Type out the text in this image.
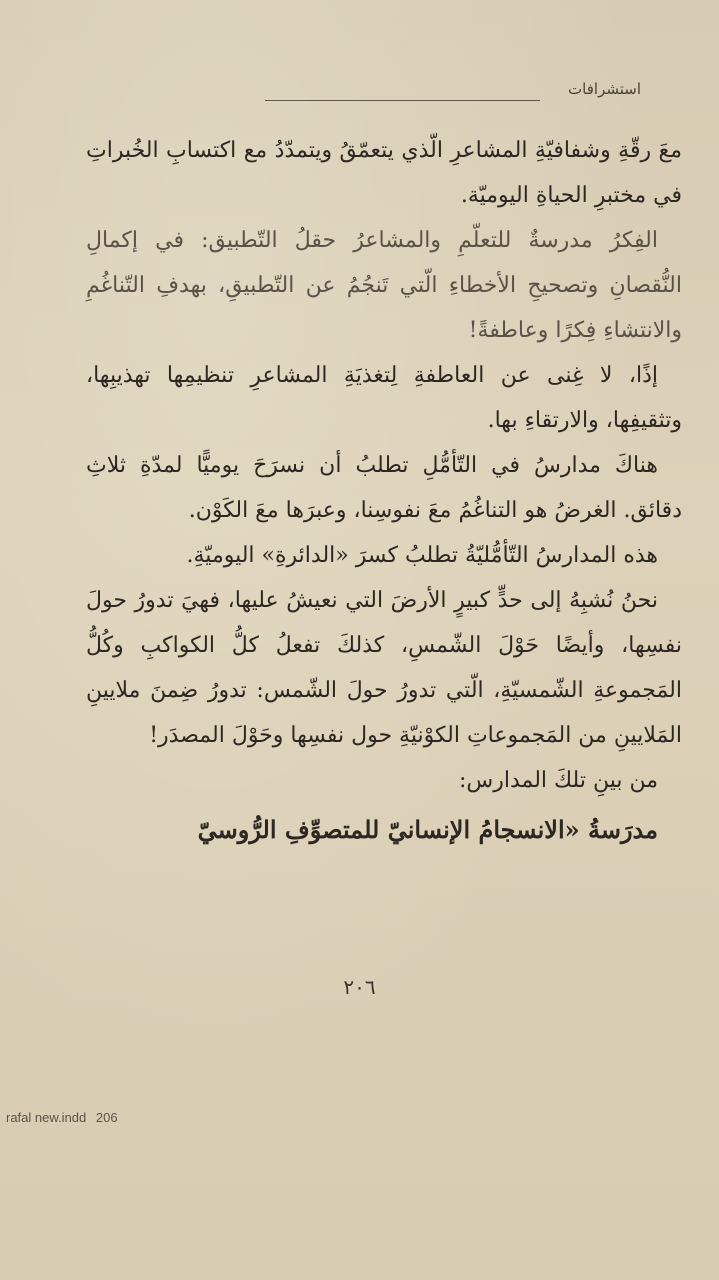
استشرافات

معَ رقّةِ وشفافيّةِ المشاعرِ الّذي يتعمّقُ ويتمدّدُ مع اكتسابِ الخُبراتِ في مختبرِ الحياةِ اليوميّة.

الفِكرُ مدرسةٌ للتعلّمِ والمشاعرُ حقلُ التّطبيق: في إكمالِ النُّقصانِ وتصحيحِ الأخطاءِ الّتي تَنجُمُ عن التّطبيقِ، بهدفِ التّناغُمِ والانتشاءِ فِكرًا وعاطفةً!

إذًا، لا غِنى عن العاطفةِ لِتغذيَةِ المشاعرِ تنظيمِها تهذيبِها، وتثقيفِها، والارتقاءِ بها.

هناكَ مدارسُ في التّأمُّلِ تطلبُ أن نسرَحَ يوميًّا لمدّةِ ثلاثِ دقائق. الغرضُ هو التناغُمُ معَ نفوسِنا، وعبرَها معَ الكَوْن.

هذه المدارسُ التّأمُّليّةُ تطلبُ كسرَ «الدائرةِ» اليوميّةِ.

نحنُ نُشبِهُ إلى حدٍّ كبيرٍ الأرضَ التي نعيشُ عليها، فهيَ تدورُ حولَ نفسِها، وأيضًا حَوْلَ الشّمسِ، كذلكَ تفعلُ كلُّ الكواكبِ وكُلُّ المَجموعةِ الشّمسيّةِ، الّتي تدورُ حولَ الشّمس: تدورُ ضِمنَ ملايينِ المَلايينِ من المَجموعاتِ الكوْنيّةِ حول نفسِها وحَوْلَ المصدَر!

من بينِ تلكَ المدارس:

مدرَسةُ «الانسجامُ الإنسانيّ للمتصوِّفِ الرُّوسيّ

٢٠٦
rafal new.indd 206
